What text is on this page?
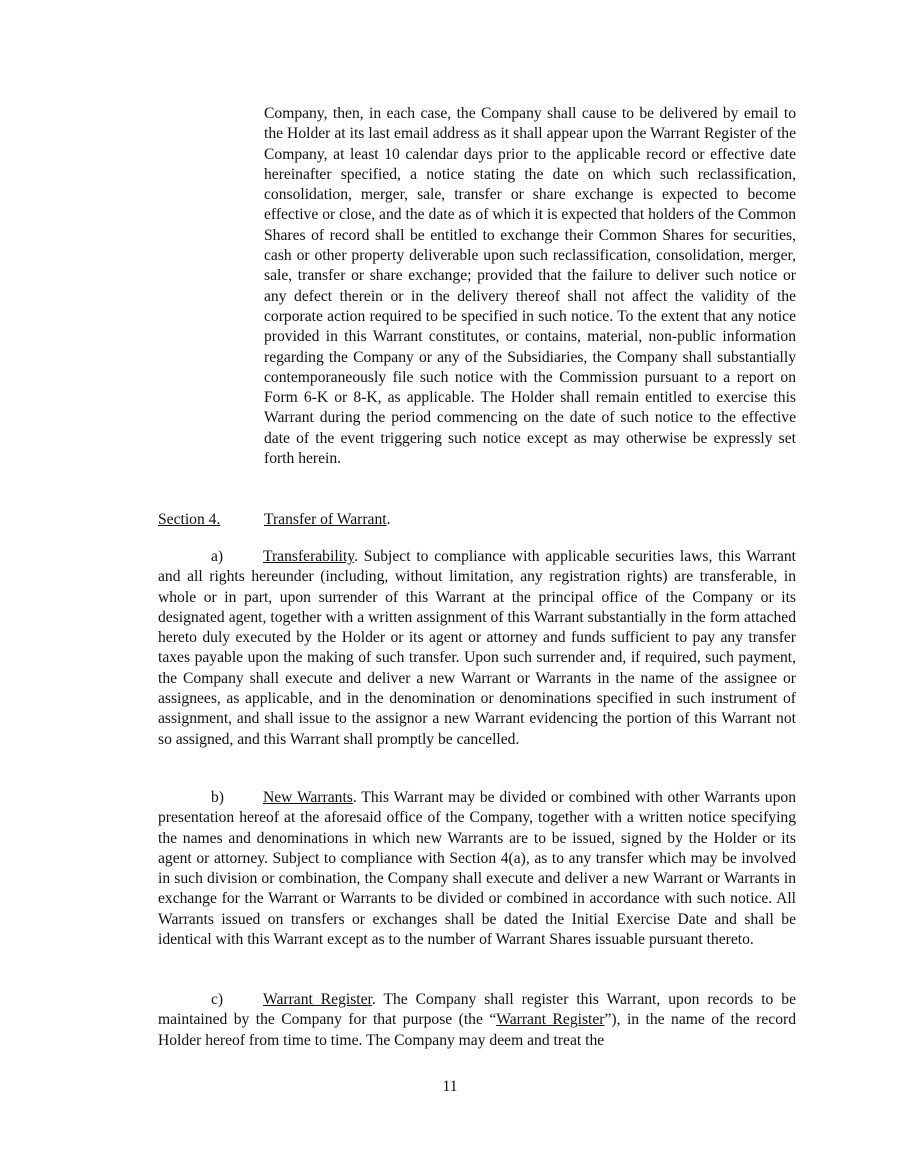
Company, then, in each case, the Company shall cause to be delivered by email to the Holder at its last email address as it shall appear upon the Warrant Register of the Company, at least 10 calendar days prior to the applicable record or effective date hereinafter specified, a notice stating the date on which such reclassification, consolidation, merger, sale, transfer or share exchange is expected to become effective or close, and the date as of which it is expected that holders of the Common Shares of record shall be entitled to exchange their Common Shares for securities, cash or other property deliverable upon such reclassification, consolidation, merger, sale, transfer or share exchange; provided that the failure to deliver such notice or any defect therein or in the delivery thereof shall not affect the validity of the corporate action required to be specified in such notice. To the extent that any notice provided in this Warrant constitutes, or contains, material, non-public information regarding the Company or any of the Subsidiaries, the Company shall substantially contemporaneously file such notice with the Commission pursuant to a report on Form 6-K or 8-K, as applicable. The Holder shall remain entitled to exercise this Warrant during the period commencing on the date of such notice to the effective date of the event triggering such notice except as may otherwise be expressly set forth herein.
Section 4.	Transfer of Warrant.
a)	Transferability. Subject to compliance with applicable securities laws, this Warrant and all rights hereunder (including, without limitation, any registration rights) are transferable, in whole or in part, upon surrender of this Warrant at the principal office of the Company or its designated agent, together with a written assignment of this Warrant substantially in the form attached hereto duly executed by the Holder or its agent or attorney and funds sufficient to pay any transfer taxes payable upon the making of such transfer. Upon such surrender and, if required, such payment, the Company shall execute and deliver a new Warrant or Warrants in the name of the assignee or assignees, as applicable, and in the denomination or denominations specified in such instrument of assignment, and shall issue to the assignor a new Warrant evidencing the portion of this Warrant not so assigned, and this Warrant shall promptly be cancelled.
b)	New Warrants. This Warrant may be divided or combined with other Warrants upon presentation hereof at the aforesaid office of the Company, together with a written notice specifying the names and denominations in which new Warrants are to be issued, signed by the Holder or its agent or attorney. Subject to compliance with Section 4(a), as to any transfer which may be involved in such division or combination, the Company shall execute and deliver a new Warrant or Warrants in exchange for the Warrant or Warrants to be divided or combined in accordance with such notice. All Warrants issued on transfers or exchanges shall be dated the Initial Exercise Date and shall be identical with this Warrant except as to the number of Warrant Shares issuable pursuant thereto.
c)	Warrant Register. The Company shall register this Warrant, upon records to be maintained by the Company for that purpose (the “Warrant Register”), in the name of the record Holder hereof from time to time. The Company may deem and treat the
11
